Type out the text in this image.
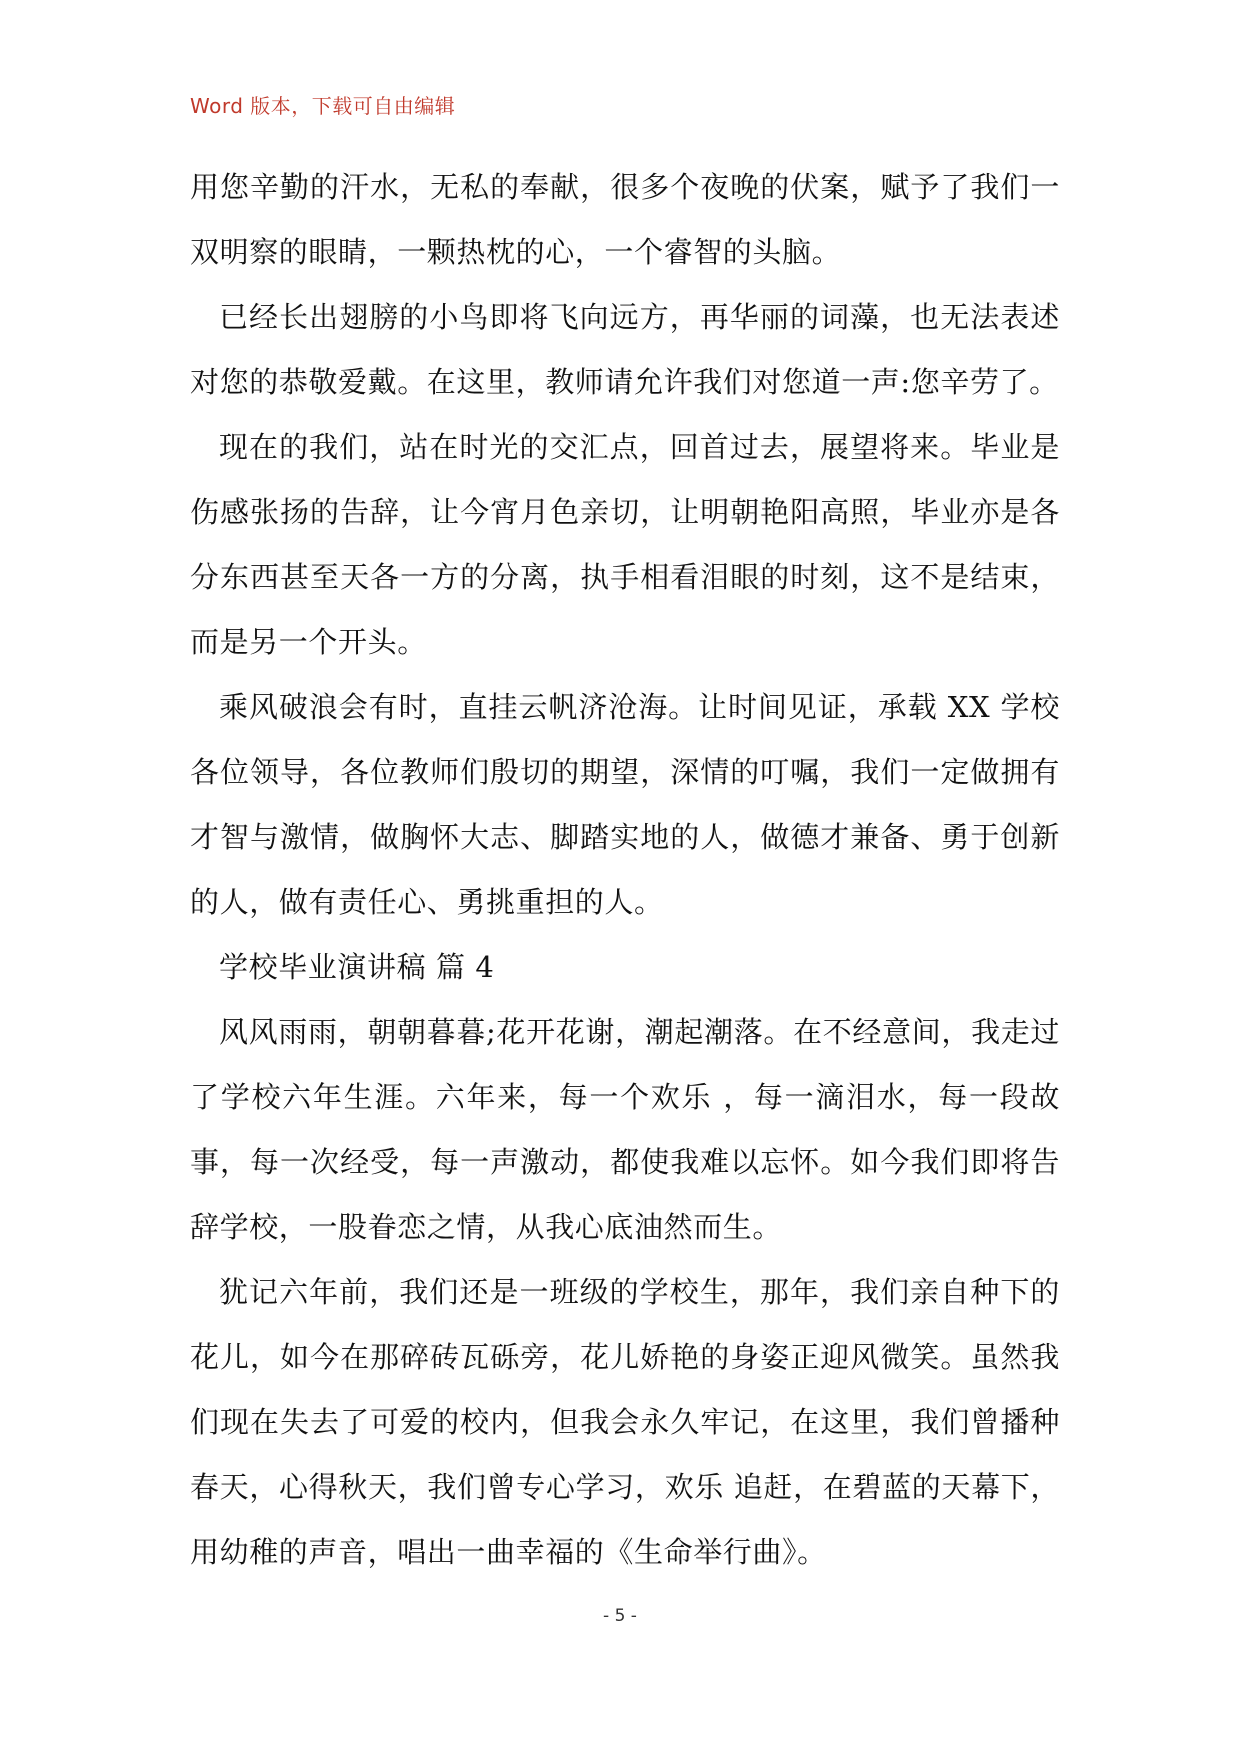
Word 版本，下载可自由编辑

用您辛勤的汗水，无私的奉献，很多个夜晚的伏案，赋予了我们一双明察的眼睛，一颗热枕的心，一个睿智的头脑。

已经长出翅膀的小鸟即将飞向远方，再华丽的词藻，也无法表述对您的恭敬爱戴。在这里，教师请允许我们对您道一声:您辛劳了。

现在的我们，站在时光的交汇点，回首过去，展望将来。毕业是伤感张扬的告辞，让今宵月色亲切，让明朝艳阳高照，毕业亦是各分东西甚至天各一方的分离，执手相看泪眼的时刻，这不是结束，而是另一个开头。

乘风破浪会有时，直挂云帆济沧海。让时间见证，承载 XX 学校各位领导，各位教师们殷切的期望，深情的叮嘱，我们一定做拥有才智与激情，做胸怀大志、脚踏实地的人，做德才兼备、勇于创新的人，做有责任心、勇挑重担的人。

学校毕业演讲稿 篇 4

风风雨雨，朝朝暮暮;花开花谢，潮起潮落。在不经意间，我走过了学校六年生涯。六年来，每一个欢乐 ，每一滴泪水，每一段故事，每一次经受，每一声激动，都使我难以忘怀。如今我们即将告辞学校，一股眷恋之情，从我心底油然而生。

犹记六年前，我们还是一班级的学校生，那年，我们亲自种下的花儿，如今在那碎砖瓦砾旁，花儿娇艳的身姿正迎风微笑。虽然我们现在失去了可爱的校内，但我会永久牢记，在这里，我们曾播种春天，心得秋天，我们曾专心学习，欢乐 追赶，在碧蓝的天幕下，用幼稚的声音，唱出一曲幸福的《生命举行曲》。

- 5 -
